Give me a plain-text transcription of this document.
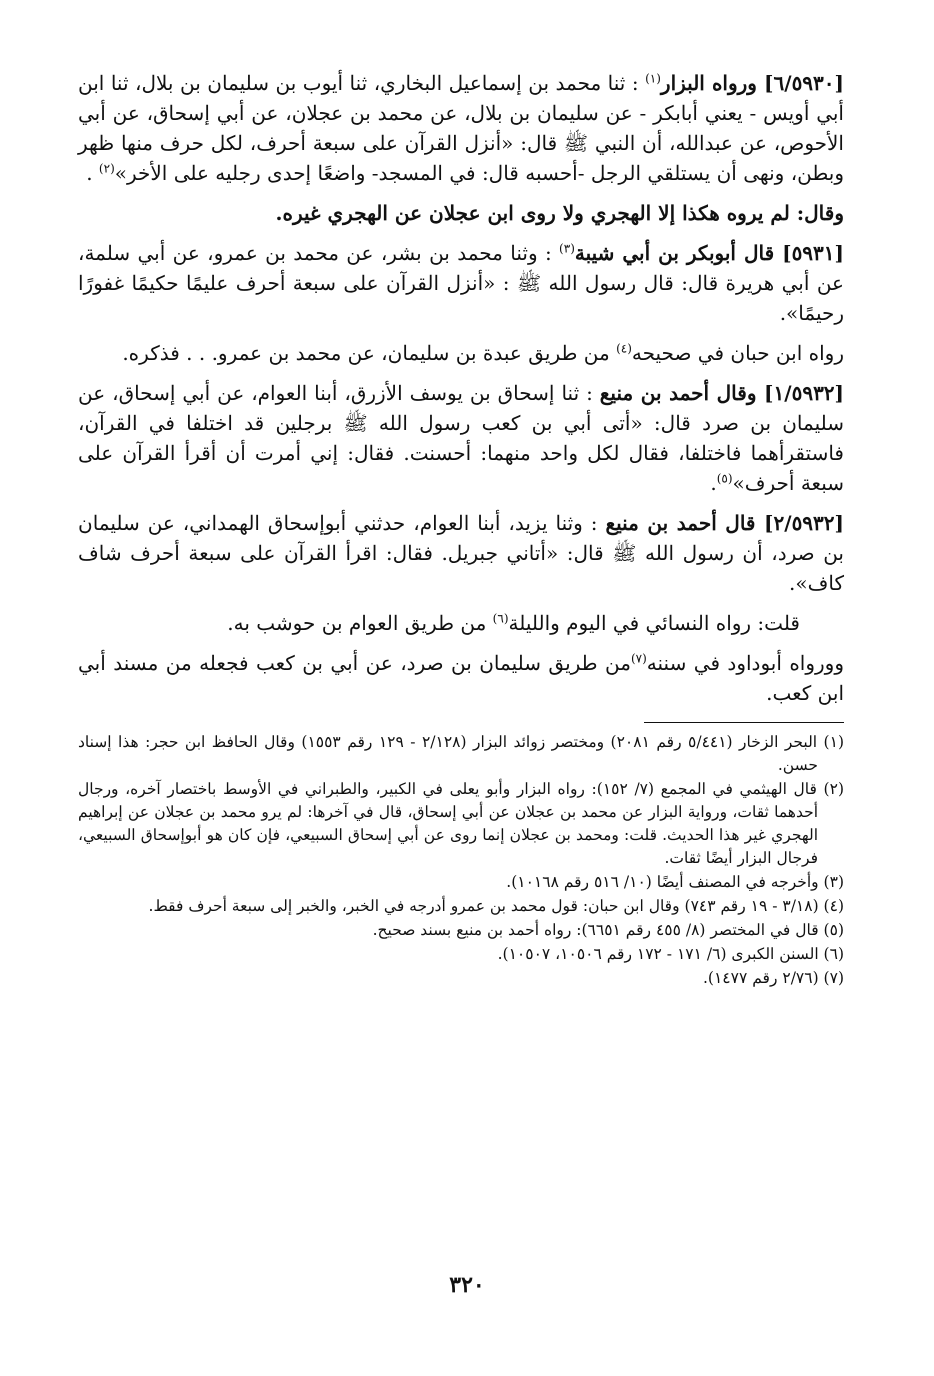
[٦/٥٩٣٠] ورواه البزار$^{(١)}$ : ثنا محمد بن إسماعيل البخاري، ثنا أيوب بن سليمان بن بلال، ثنا ابن أبي أويس - يعني أبابكر - عن سليمان بن بلال، عن محمد بن عجلان، عن أبي إسحاق، عن أبي الأحوص، عن عبدالله، أن النبي ﷺ قال: «أنزل القرآن على سبعة أحرف، لكل حرف منها ظهر وبطن، ونهى أن يستلقي الرجل -أحسبه قال: في المسجد- واضعًا إحدى رجليه على الأخر»$^{(٢)}$ .

وقال: لم يروه هكذا إلا الهجري ولا روى ابن عجلان عن الهجري غيره.

[٥٩٣١] قال أبوبكر بن أبي شيبة$^{(٣)}$ : وثنا محمد بن بشر، عن محمد بن عمرو، عن أبي سلمة، عن أبي هريرة قال: قال رسول الله ﷺ : «أنزل القرآن على سبعة أحرف عليمًا حكيمًا غفورًا رحيمًا».

رواه ابن حبان في صحيحه$^{(٤)}$ من طريق عبدة بن سليمان، عن محمد بن عمرو. . . فذكره.

[١/٥٩٣٢] وقال أحمد بن منيع : ثنا إسحاق بن يوسف الأزرق، أبنا العوام، عن أبي إسحاق، عن سليمان بن صرد قال: «أتى أبي بن كعب رسول الله ﷺ برجلين قد اختلفا في القرآن، فاستقرأهما فاختلفا، فقال لكل واحد منهما: أحسنت. فقال: إني أمرت أن أقرأ القرآن على سبعة أحرف»$^{(٥)}$.

[٢/٥٩٣٢] قال أحمد بن منيع : وثنا يزيد، أبنا العوام، حدثني أبوإسحاق الهمداني، عن سليمان بن صرد، أن رسول الله ﷺ قال: «أتاني جبريل. فقال: اقرأ القرآن على سبعة أحرف شاف كاف».

قلت: رواه النسائي في اليوم والليلة$^{(٦)}$ من طريق العوام بن حوشب به.

وورواه أبوداود في سننه$^{(٧)}$من طريق سليمان بن صرد، عن أبي بن كعب فجعله من مسند أبي ابن كعب.

(١) البحر الزخار (٥/٤٤١ رقم ٢٠٨١) ومختصر زوائد البزار (٢/١٢٨ - ١٢٩ رقم ١٥٥٣) وقال الحافظ ابن حجر: هذا إسناد حسن.

(٢) قال الهيثمي في المجمع (٧/ ١٥٢): رواه البزار وأبو يعلى في الكبير، والطبراني في الأوسط باختصار آخره، ورجال أحدهما ثقات، ورواية البزار عن محمد بن عجلان عن أبي إسحاق، قال في آخرها: لم يرو محمد بن عجلان عن إبراهيم الهجري غير هذا الحديث. قلت: ومحمد بن عجلان إنما روى عن أبي إسحاق السبيعي، فإن كان هو أبوإسحاق السبيعي، فرجال البزار أيضًا ثقات.

(٣) وأخرجه في المصنف أيضًا (١٠/ ٥١٦ رقم ١٠١٦٨).

(٤) (٣/١٨ - ١٩ رقم ٧٤٣) وقال ابن حبان: قول محمد بن عمرو أدرجه في الخبر، والخبر إلى سبعة أحرف فقط.

(٥) قال في المختصر (٨/ ٤٥٥ رقم ٦٦٥١): رواه أحمد بن منيع بسند صحيح.

(٦) السنن الكبرى (٦/ ١٧١ - ١٧٢ رقم ١٠٥٠٦، ١٠٥٠٧).

(٧) (٢/٧٦ رقم ١٤٧٧).

٣٢٠
